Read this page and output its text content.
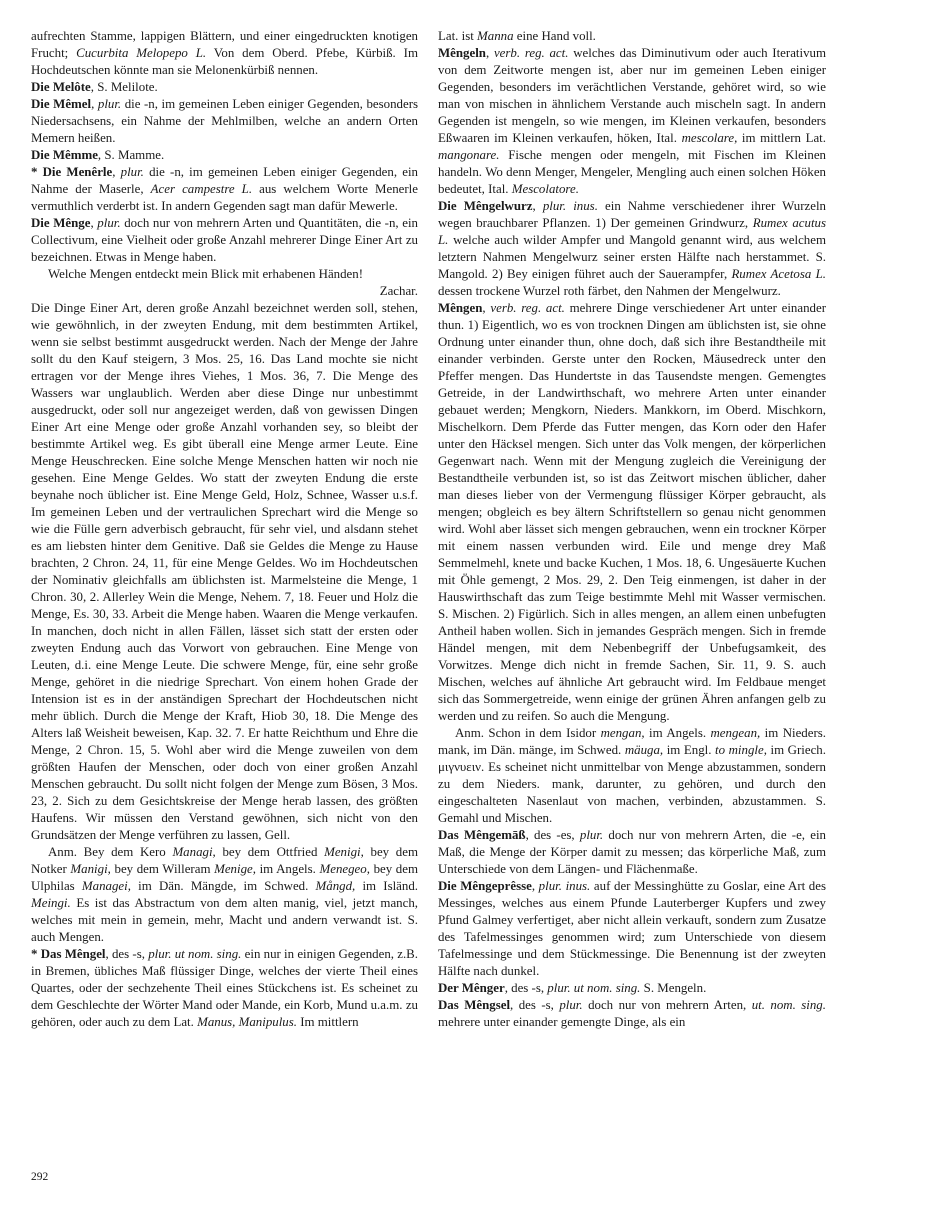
aufrechten Stamme, lappigen Blättern, und einer eingedruckten knotigen Frucht; Cucurbita Melopepo L. Von dem Oberd. Pfebe, Kürbiß. Im Hochdeutschen könnte man sie Melonenkürbiß nennen.

Die Melôte, S. Melilote.

Die Mêmel, plur. die -n, im gemeinen Leben einiger Gegenden, besonders Niedersachsens, ein Nahme der Mehlmilben, welche an andern Orten Memern heißen.

Die Mêmme, S. Mamme.

* Die Menêrle, plur. die -n, im gemeinen Leben einiger Gegenden, ein Nahme der Maserle, Acer campestre L. aus welchem Worte Menerle vermuthlich verderbt ist. In andern Gegenden sagt man dafür Mewerle.

Die Mênge, plur. doch nur von mehrern Arten und Quantitäten, die -n, ein Collectivum, eine Vielheit oder große Anzahl mehrerer Dinge Einer Art zu bezeichnen. Etwas in Menge haben.

Welche Mengen entdeckt mein Blick mit erhabenen Händen!

Zachar.

Die Dinge Einer Art, deren große Anzahl bezeichnet werden soll, stehen, wie gewöhnlich, in der zweyten Endung, mit dem bestimmten Artikel, wenn sie selbst bestimmt ausgedruckt werden. Nach der Menge der Jahre sollt du den Kauf steigern, 3 Mos. 25, 16. Das Land mochte sie nicht ertragen vor der Menge ihres Viehes, 1 Mos. 36, 7. Die Menge des Wassers war unglaublich. Werden aber diese Dinge nur unbestimmt ausgedruckt, oder soll nur angezeiget werden, daß von gewissen Dingen Einer Art eine Menge oder große Anzahl vorhanden sey, so bleibt der bestimmte Artikel weg. Es gibt überall eine Menge armer Leute. Eine Menge Heuschrecken. Eine solche Menge Menschen hatten wir noch nie gesehen. Eine Menge Geldes. Wo statt der zweyten Endung die erste beynahe noch üblicher ist. Eine Menge Geld, Holz, Schnee, Wasser u.s.f. Im gemeinen Leben und der vertraulichen Sprechart wird die Menge so wie die Fülle gern adverbisch gebraucht, für sehr viel, und alsdann stehet es am liebsten hinter dem Genitive. Daß sie Geldes die Menge zu Hause brachten, 2 Chron. 24, 11, für eine Menge Geldes. Wo im Hochdeutschen der Nominativ gleichfalls am üblichsten ist. Marmelsteine die Menge, 1 Chron. 30, 2. Allerley Wein die Menge, Nehem. 7, 18. Feuer und Holz die Menge, Es. 30, 33. Arbeit die Menge haben. Waaren die Menge verkaufen. In manchen, doch nicht in allen Fällen, lässet sich statt der ersten oder zweyten Endung auch das Vorwort von gebrauchen. Eine Menge von Leuten, d.i. eine Menge Leute. Die schwere Menge, für, eine sehr große Menge, gehöret in die niedrige Sprechart. Von einem hohen Grade der Intension ist es in der anständigen Sprechart der Hochdeutschen nicht mehr üblich. Durch die Menge der Kraft, Hiob 30, 18. Die Menge des Alters laß Weisheit beweisen, Kap. 32. 7. Er hatte Reichthum und Ehre die Menge, 2 Chron. 15, 5. Wohl aber wird die Menge zuweilen von dem größten Haufen der Menschen, oder doch von einer großen Anzahl Menschen gebraucht. Du sollt nicht folgen der Menge zum Bösen, 3 Mos. 23, 2. Sich zu dem Gesichtskreise der Menge herab lassen, des größten Haufens. Wir müssen den Verstand gewöhnen, sich nicht von den Grundsätzen der Menge verführen zu lassen, Gell.

Anm. Bey dem Kero Managi, bey dem Ottfried Menigi, bey dem Notker Manigi, bey dem Willeram Menige, im Angels. Menegeo, bey dem Ulphilas Managei, im Dän. Mängde, im Schwed. Mångd, im Isländ. Meingi. Es ist das Abstractum von dem alten manig, viel, jetzt manch, welches mit mein in gemein, mehr, Macht und andern verwandt ist. S. auch Mengen.

* Das Mêngel, des -s, plur. ut nom. sing. ein nur in einigen Gegenden, z.B. in Bremen, übliches Maß flüssiger Dinge, welches der vierte Theil eines Quartes, oder der sechzehente Theil eines Stückchens ist. Es scheinet zu dem Geschlechte der Wörter Mand oder Mande, ein Korb, Mund u.a.m. zu gehören, oder auch zu dem Lat. Manus, Manipulus. Im mittlern

Lat. ist Manna eine Hand voll.

Mêngeln, verb. reg. act. welches das Diminutivum oder auch Iterativum von dem Zeitworte mengen ist, aber nur im gemeinen Leben einiger Gegenden, besonders im verächtlichen Verstande, gehöret wird, so wie man von mischen in ähnlichem Verstande auch mischeln sagt. In andern Gegenden ist mengeln, so wie mengen, im Kleinen verkaufen, besonders Eßwaaren im Kleinen verkaufen, höken, Ital. mescolare, im mittlern Lat. mangonare. Fische mengen oder mengeln, mit Fischen im Kleinen handeln. Wo denn Menger, Mengeler, Mengling auch einen solchen Höken bedeutet, Ital. Mescolatore.

Die Mêngelwurz, plur. inus. ein Nahme verschiedener ihrer Wurzeln wegen brauchbarer Pflanzen. 1) Der gemeinen Grindwurz, Rumex acutus L. welche auch wilder Ampfer und Mangold genannt wird, aus welchem letztern Nahmen Mengelwurz seiner ersten Hälfte nach herstammet. S. Mangold. 2) Bey einigen führet auch der Sauerampfer, Rumex Acetosa L. dessen trockene Wurzel roth färbet, den Nahmen der Mengelwurz.

Mêngen, verb. reg. act. mehrere Dinge verschiedener Art unter einander thun. 1) Eigentlich, wo es von trocknen Dingen am üblichsten ist, sie ohne Ordnung unter einander thun, ohne doch, daß sich ihre Bestandtheile mit einander verbinden. Gerste unter den Rocken, Mäusedreck unter den Pfeffer mengen. Das Hundertste in das Tausendste mengen. Gemengtes Getreide, in der Landwirthschaft, wo mehrere Arten unter einander gebauet werden; Mengkorn, Nieders. Mankkorn, im Oberd. Mischkorn, Mischelkorn. Dem Pferde das Futter mengen, das Korn oder den Hafer unter den Häcksel mengen. Sich unter das Volk mengen, der körperlichen Gegenwart nach. Wenn mit der Mengung zugleich die Vereinigung der Bestandtheile verbunden ist, so ist das Zeitwort mischen üblicher, daher man dieses lieber von der Vermengung flüssiger Körper gebraucht, als mengen; obgleich es bey ältern Schriftstellern so genau nicht genommen wird. Wohl aber lässet sich mengen gebrauchen, wenn ein trockner Körper mit einem nassen verbunden wird. Eile und menge drey Maß Semmelmehl, knete und backe Kuchen, 1 Mos. 18, 6. Ungesäuerte Kuchen mit Öhle gemengt, 2 Mos. 29, 2. Den Teig einmengen, ist daher in der Hauswirthschaft das zum Teige bestimmte Mehl mit Wasser vermischen. S. Mischen. 2) Figürlich. Sich in alles mengen, an allem einen unbefugten Antheil haben wollen. Sich in jemandes Gespräch mengen. Sich in fremde Händel mengen, mit dem Nebenbegriff der Unbefugsamkeit, des Vorwitzes. Menge dich nicht in fremde Sachen, Sir. 11, 9. S. auch Mischen, welches auf ähnliche Art gebraucht wird. Im Feldbaue menget sich das Sommergetreide, wenn einige der grünen Ähren anfangen gelb zu werden und zu reifen. So auch die Mengung.

Anm. Schon in dem Isidor mengan, im Angels. mengean, im Nieders. mank, im Dän. mänge, im Schwed. mäuga, im Engl. to mingle, im Griech. μιγνυειν. Es scheinet nicht unmittelbar von Menge abzustammen, sondern zu dem Nieders. mank, darunter, zu gehören, und durch den eingeschalteten Nasenlaut von machen, verbinden, abzustammen. S. Gemahl und Mischen.

Das Mêngemāß, des -es, plur. doch nur von mehrern Arten, die -e, ein Maß, die Menge der Körper damit zu messen; das körperliche Maß, zum Unterschiede von dem Längen- und Flächenmaße.

Die Mêngeprêsse, plur. inus. auf der Messinghütte zu Goslar, eine Art des Messinges, welches aus einem Pfunde Lauterberger Kupfers und zwey Pfund Galmey verfertiget, aber nicht allein verkauft, sondern zum Zusatze des Tafelmessinges genommen wird; zum Unterschiede von diesem Tafelmessinge und dem Stückmessinge. Die Benennung ist der zweyten Hälfte nach dunkel.

Der Mênger, des -s, plur. ut nom. sing. S. Mengeln.

Das Mêngsel, des -s, plur. doch nur von mehrern Arten, ut. nom. sing. mehrere unter einander gemengte Dinge, als ein

292
